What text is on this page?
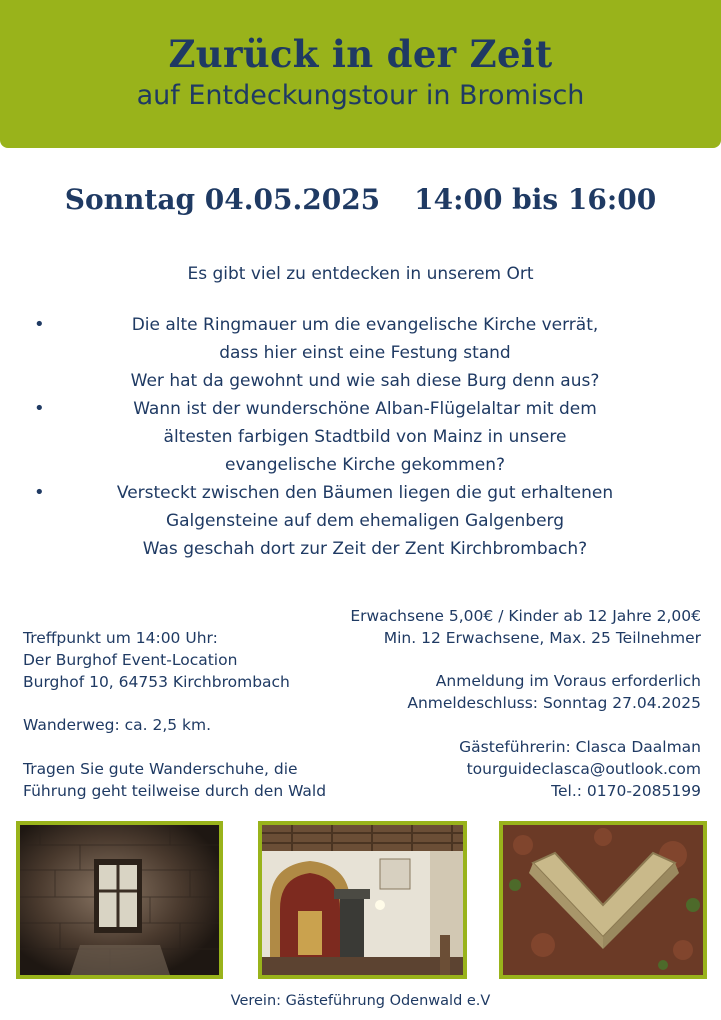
Zurück in der Zeit
auf Entdeckungstour in Bromisch
Sonntag 04.05.2025 14:00 bis 16:00
Es gibt viel zu entdecken in unserem Ort
•	Die alte Ringmauer um die evangelische Kirche verrät,
dass hier einst eine Festung stand
Wer hat da gewohnt und wie sah diese Burg denn aus?
•	Wann ist der wunderschöne Alban-Flügelaltar mit dem
ältesten farbigen Stadtbild von Mainz in unsere
evangelische Kirche gekommen?
•	Versteckt zwischen den Bäumen liegen die gut erhaltenen
Galgensteine auf dem ehemaligen Galgenberg
Was geschah dort zur Zeit der Zent Kirchbrombach?
Erwachsene 5,00€ / Kinder ab 12 Jahre 2,00€
Min. 12 Erwachsene, Max. 25 Teilnehmer
Anmeldung im Voraus erforderlich
Anmeldeschluss: Sonntag 27.04.2025
Gästeführerin: Clasca Daalman
tourguideclasca@outlook.com
Tel.: 0170-2085199
Treffpunkt um 14:00 Uhr:
Der Burghof Event-Location
Burghof 10, 64753 Kirchbrombach
Wanderweg: ca. 2,5 km.
Tragen Sie gute Wanderschuhe, die
Führung geht teilweise durch den Wald
Verein: Gästeführung Odenwald e.V
